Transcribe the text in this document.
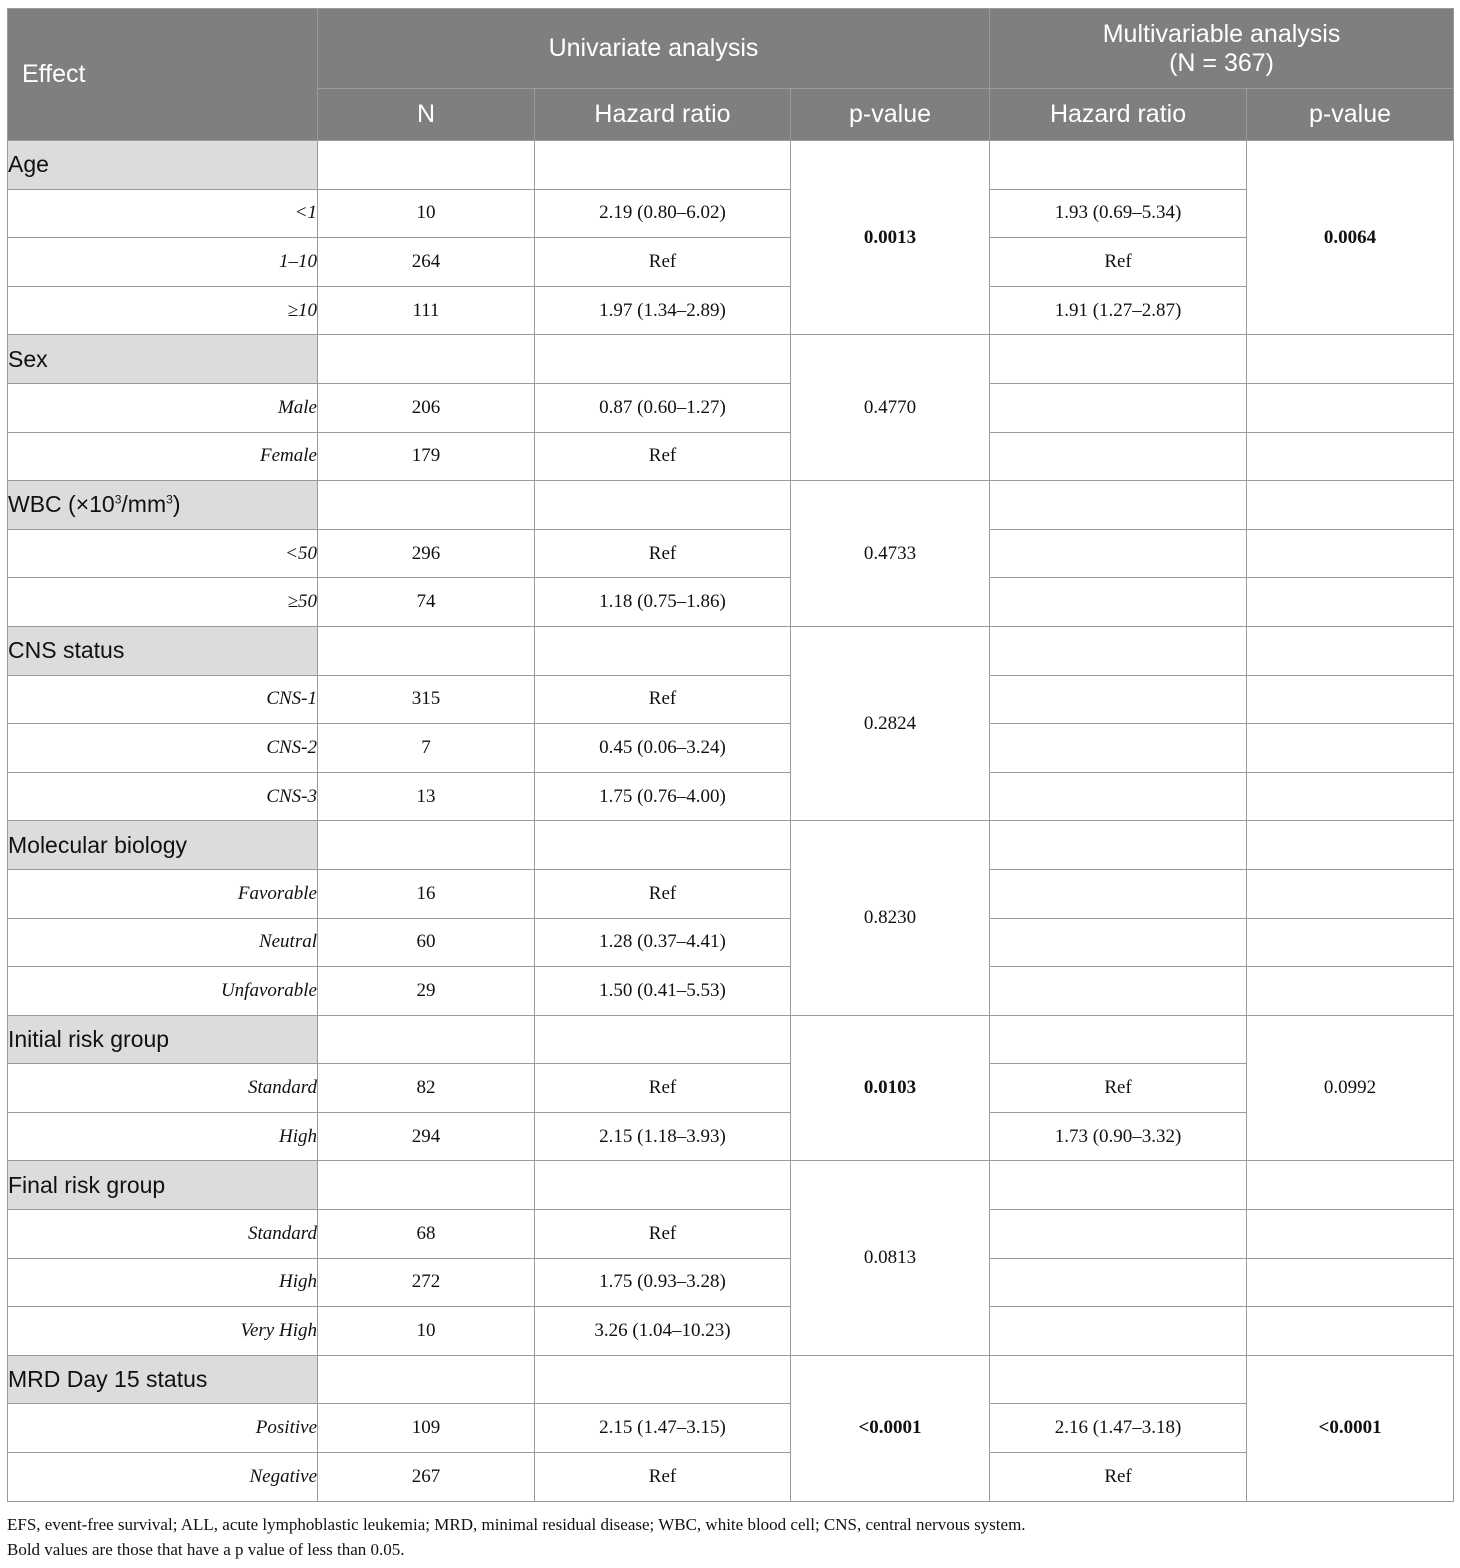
Effect	Univariate analysis			Multivariable analysis
(N = 367)	
	N	Hazard ratio	p-value	Hazard ratio	p-value
Age			0.0013		0.0064
<1	10	2.19 (0.80–6.02)		1.93 (0.69–5.34)	
1–10	264	Ref		Ref	
≥10	111	1.97 (1.34–2.89)		1.91 (1.27–2.87)	
Sex			0.4770		
Male	206	0.87 (0.60–1.27)			
Female	179	Ref			
WBC $(\times 10^3/mm^3)$			0.4733		
<50	296	Ref			
≥50	74	1.18 (0.75–1.86)			
CNS status			0.2824		
CNS-1	315	Ref			
CNS-2	7	0.45 (0.06–3.24)			
CNS-3	13	1.75 (0.76–4.00)			
Molecular biology			0.8230		
Favorable	16	Ref			
Neutral	60	1.28 (0.37–4.41)			
Unfavorable	29	1.50 (0.41–5.53)			
Initial risk group			0.0103		0.0992
Standard	82	Ref		Ref	
High	294	2.15 (1.18–3.93)		1.73 (0.90–3.32)	
Final risk group			0.0813		
Standard	68	Ref			
High	272	1.75 (0.93–3.28)			
Very High	10	3.26 (1.04–10.23)			
MRD Day 15 status			<0.0001		<0.0001
Positive	109	2.15 (1.47–3.15)		2.16 (1.47–3.18)	
Negative	267	Ref		Ref	
EFS, event-free survival; ALL, acute lymphoblastic leukemia; MRD, minimal residual disease; WBC, white blood cell; CNS, central nervous system.
Bold values are those that have a p value of less than 0.05.
